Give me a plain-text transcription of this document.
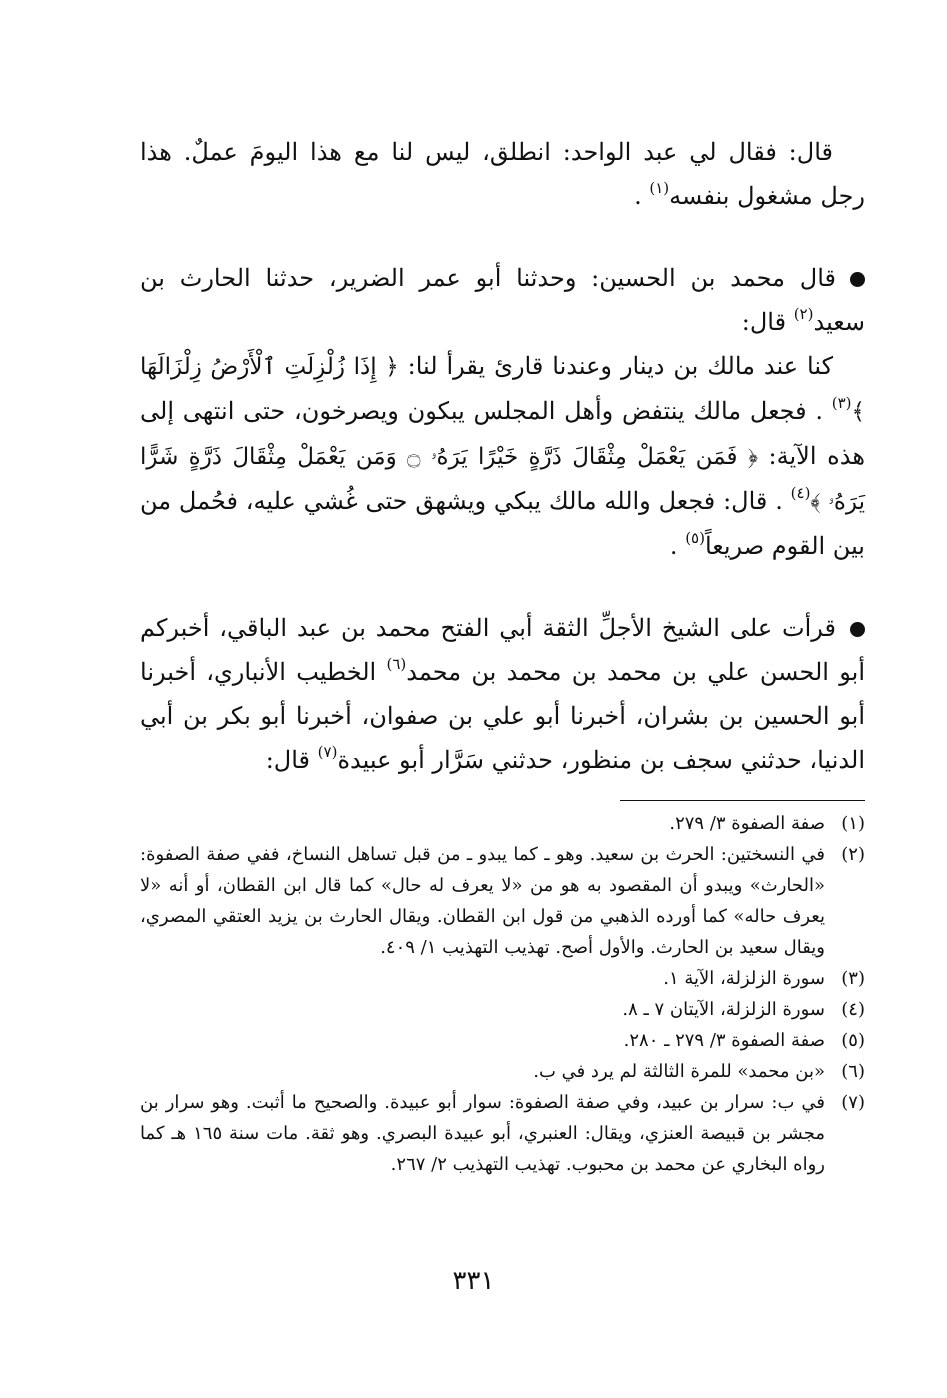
قال: فقال لي عبد الواحد: انطلق، ليس لنا مع هذا اليومَ عملٌ. هذا رجل مشغول بنفسه$^{(١)}$ .
قال محمد بن الحسين: وحدثنا أبو عمر الضرير، حدثنا الحارث بن سعيد$^{(٢)}$ قال:
كنا عند مالك بن دينار وعندنا قارئ يقرأ لنا: ﴿ إِذَا زُلْزِلَتِ ٱلْأَرْضُ زِلْزَالَهَا ﴾$^{(٣)}$ . فجعل مالك ينتفض وأهل المجلس يبكون ويصرخون، حتى انتهى إلى هذه الآية: ﴿ فَمَن يَعْمَلْ مِثْقَالَ ذَرَّةٍ خَيْرًا يَرَهُۥ ۝ وَمَن يَعْمَلْ مِثْقَالَ ذَرَّةٍ شَرًّا يَرَهُۥ ﴾$^{(٤)}$ . قال: فجعل والله مالك يبكي ويشهق حتى غُشي عليه، فحُمل من بين القوم صريعاً$^{(٥)}$ .
قرأت على الشيخ الأجلِّ الثقة أبي الفتح محمد بن عبد الباقي، أخبركم أبو الحسن علي بن محمد بن محمد بن محمد$^{(٦)}$ الخطيب الأنباري، أخبرنا أبو الحسين بن بشران، أخبرنا أبو علي بن صفوان، أخبرنا أبو بكر بن أبي الدنيا، حدثني سجف بن منظور، حدثني سَرَّار أبو عبيدة$^{(٧)}$ قال:
(١)
صفة الصفوة ٣/ ٢٧٩.
(٢)
في النسختين: الحرث بن سعيد. وهو ـ كما يبدو ـ من قبل تساهل النساخ، ففي صفة الصفوة: «الحارث» ويبدو أن المقصود به هو من «لا يعرف له حال» كما قال ابن القطان، أو أنه «لا يعرف حاله» كما أورده الذهبي من قول ابن القطان. ويقال الحارث بن يزيد العتقي المصري، ويقال سعيد بن الحارث. والأول أصح. تهذيب التهذيب ١/ ٤٠٩.
(٣)
سورة الزلزلة، الآية ١.
(٤)
سورة الزلزلة، الآيتان ٧ ـ ٨.
(٥)
صفة الصفوة ٣/ ٢٧٩ ـ ٢٨٠.
(٦)
«بن محمد» للمرة الثالثة لم يرد في ب.
(٧)
في ب: سرار بن عبيد، وفي صفة الصفوة: سوار أبو عبيدة. والصحيح ما أثبت. وهو سرار بن مجشر بن قبيصة العنزي، ويقال: العنبري، أبو عبيدة البصري. وهو ثقة. مات سنة ١٦٥ هـ كما رواه البخاري عن محمد بن محبوب. تهذيب التهذيب ٢/ ٢٦٧.
٣٣١
